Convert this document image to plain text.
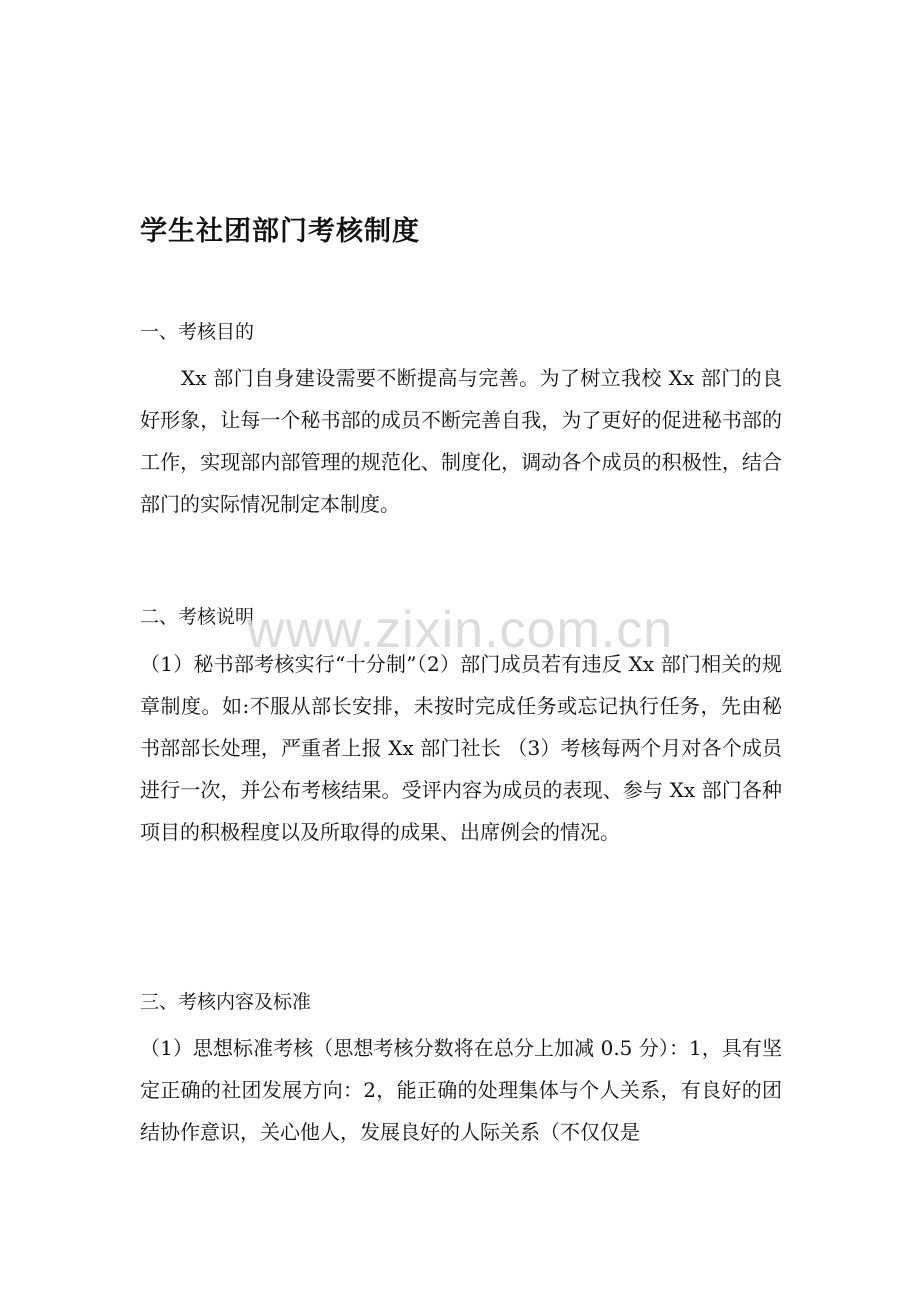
学生社团部门考核制度
一、考核目的

Xx 部门自身建设需要不断提高与完善。为了树立我校 Xx 部门的良好形象，让每一个秘书部的成员不断完善自我，为了更好的促进秘书部的工作，实现部内部管理的规范化、制度化，调动各个成员的积极性，结合部门的实际情况制定本制度。

二、考核说明

（1）秘书部考核实行“十分制”（2）部门成员若有违反 Xx 部门相关的规章制度。如:不服从部长安排，未按时完成任务或忘记执行任务，先由秘书部部长处理，严重者上报 Xx 部门社长 （3）考核每两个月对各个成员进行一次，并公布考核结果。受评内容为成员的表现、参与 Xx 部门各种项目的积极程度以及所取得的成果、出席例会的情况。

三、考核内容及标准

（1）思想标准考核（思想考核分数将在总分上加减 0.5 分）：1，具有坚定正确的社团发展方向：2，能正确的处理集体与个人关系，有良好的团结协作意识，关心他人，发展良好的人际关系（不仅仅是

www.zixin.com.cn
